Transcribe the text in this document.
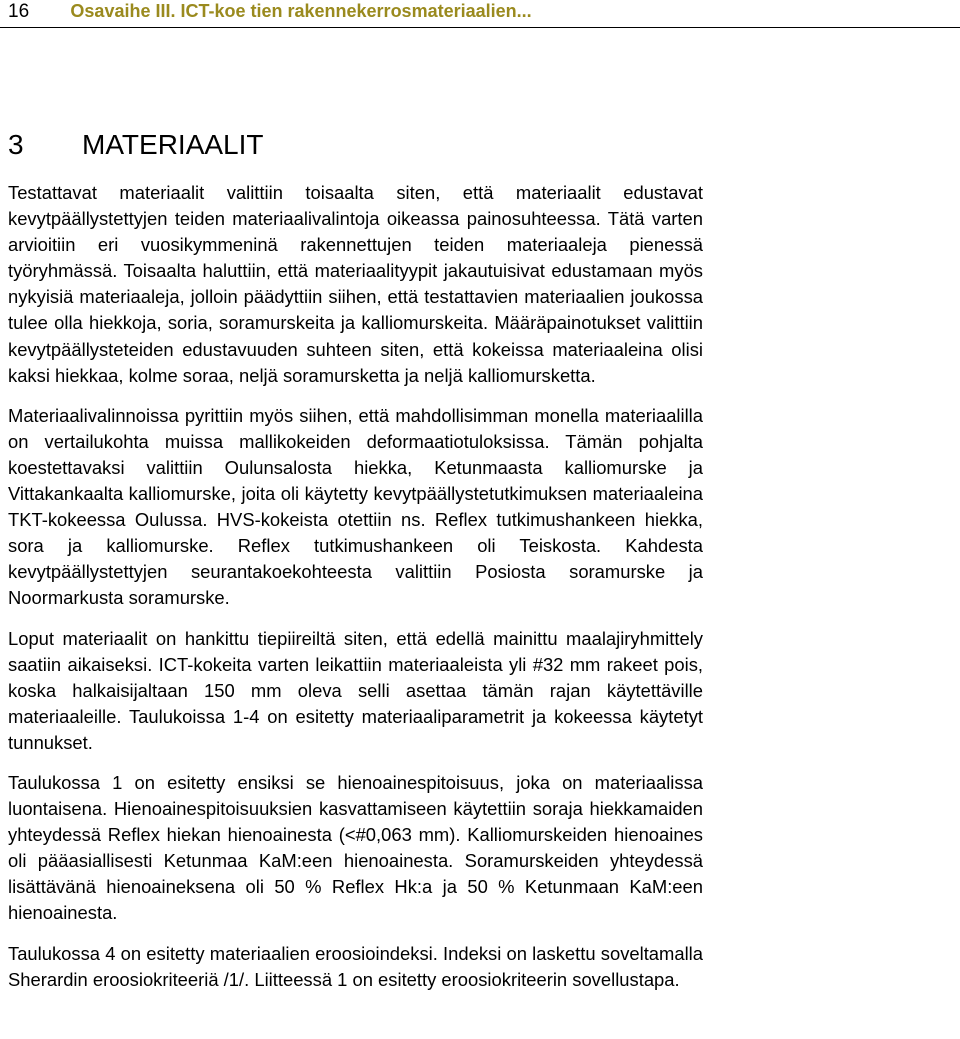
16 Osavaihe III. ICT-koe tien rakennekerrosmateriaalien...
3 MATERIAALIT

Testattavat materiaalit valittiin toisaalta siten, että materiaalit edustavat kevytpäällystettyjen teiden materiaalivalintoja oikeassa painosuhteessa. Tätä varten arvioitiin eri vuosikymmeninä rakennettujen teiden materiaaleja pienessä työryhmässä. Toisaalta haluttiin, että materiaalityypit jakautuisivat edustamaan myös nykyisiä materiaaleja, jolloin päädyttiin siihen, että testattavien materiaalien joukossa tulee olla hiekkoja, soria, soramurskeita ja kalliomurskeita. Määräpainotukset valittiin kevytpäällysteteiden edustavuuden suhteen siten, että kokeissa materiaaleina olisi kaksi hiekkaa, kolme soraa, neljä soramursketta ja neljä kalliomursketta.

Materiaalivalinnoissa pyrittiin myös siihen, että mahdollisimman monella materiaalilla on vertailukohta muissa mallikokeiden deformaatiotuloksissa. Tämän pohjalta koestettavaksi valittiin Oulunsalosta hiekka, Ketunmaasta kalliomurske ja Vittakankaalta kalliomurske, joita oli käytetty kevytpäällystetutkimuksen materiaaleina TKT-kokeessa Oulussa. HVS-kokeista otettiin ns. Reflex tutkimushankeen hiekka, sora ja kalliomurske. Reflex tutkimushankeen oli Teiskosta. Kahdesta kevytpäällystettyjen seurantakoekohteesta valittiin Posiosta soramurske ja Noormarkusta soramurske.

Loput materiaalit on hankittu tiepiireiltä siten, että edellä mainittu maalajiryhmittely saatiin aikaiseksi. ICT-kokeita varten leikattiin materiaaleista yli #32 mm rakeet pois, koska halkaisijaltaan 150 mm oleva selli asettaa tämän rajan käytettäville materiaaleille. Taulukoissa 1-4 on esitetty materiaaliparametrit ja kokeessa käytetyt tunnukset.

Taulukossa 1 on esitetty ensiksi se hienoainespitoisuus, joka on materiaalissa luontaisena. Hienoainespitoisuuksien kasvattamiseen käytettiin soraja hiekkamaiden yhteydessä Reflex hiekan hienoainesta (<#0,063 mm). Kalliomurskeiden hienoaines oli pääasiallisesti Ketunmaa KaM:een hienoainesta. Soramurskeiden yhteydessä lisättävänä hienoaineksena oli 50 % Reflex Hk:a ja 50 % Ketunmaan KaM:een hienoainesta.

Taulukossa 4 on esitetty materiaalien eroosioindeksi. Indeksi on laskettu soveltamalla Sherardin eroosiokriteeriä /1/. Liitteessä 1 on esitetty eroosiokriteerin sovellustapa.
